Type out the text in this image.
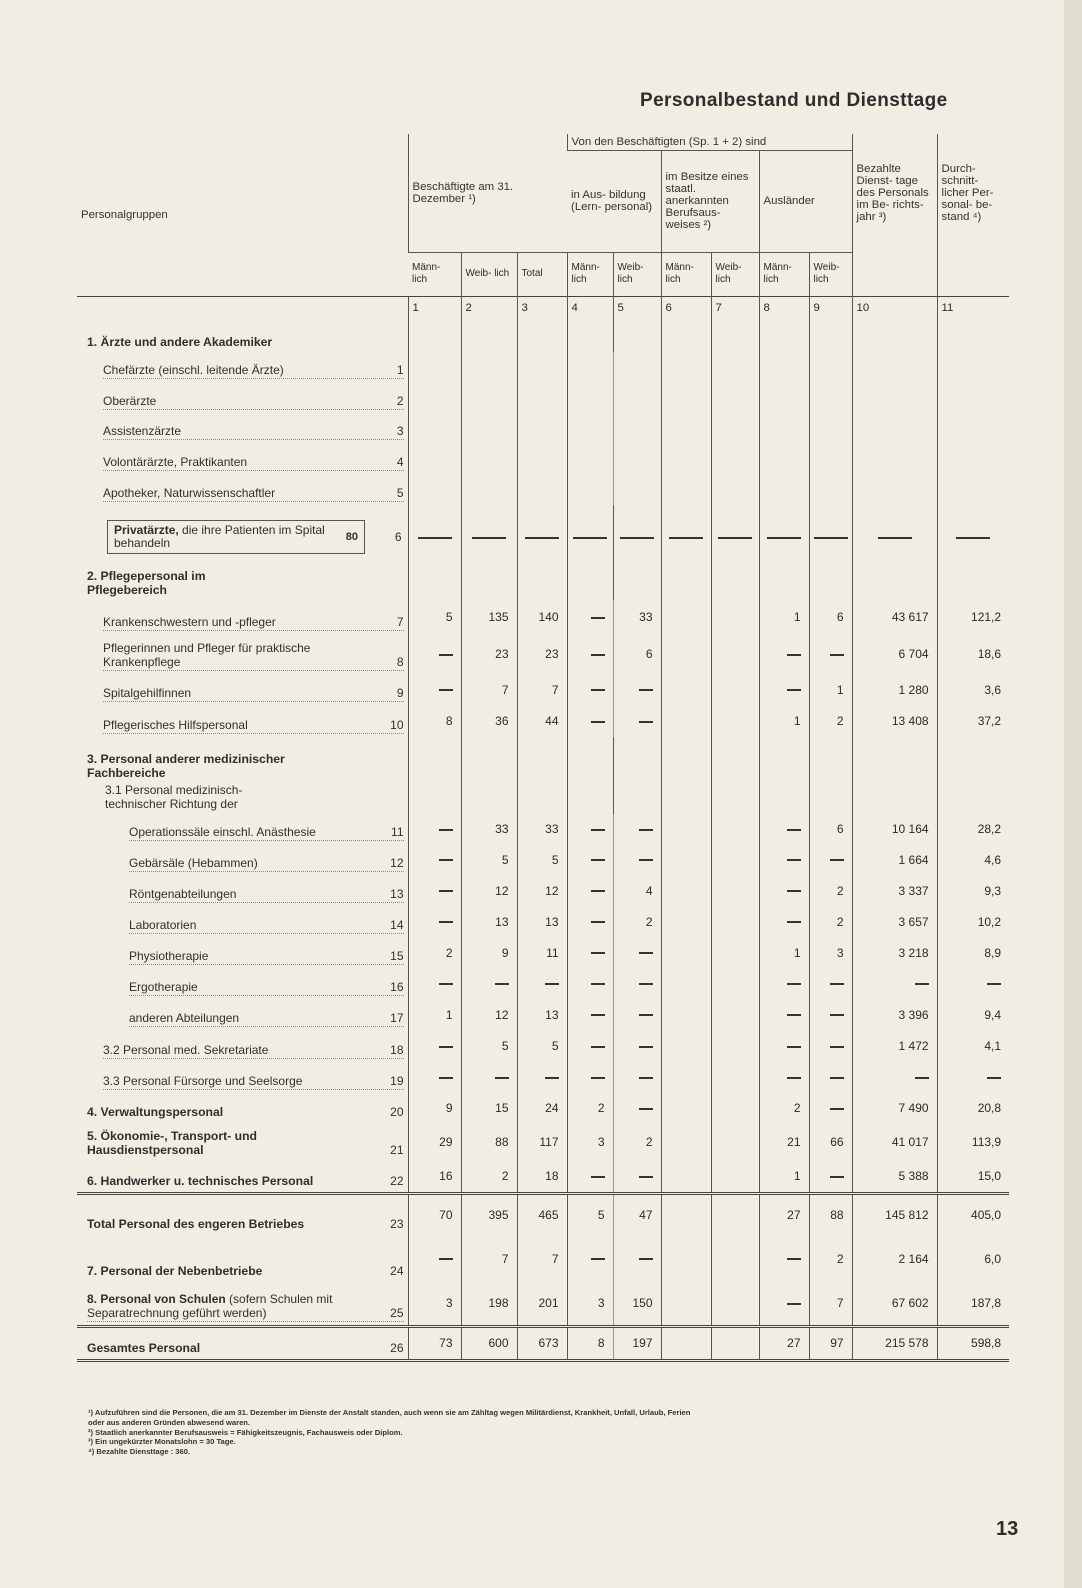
Personalbestand und Diensttage
Personalgruppen	Beschäftigte am 31. Dezember ¹)			Von den Beschäftigten (Sp. 1 + 2) sind						Bezahlte Dienst- tage des Personals im Be- richts- jahr ³)	Durch- schnitt- licher Per- sonal- be- stand ⁴)
				in Aus- bildung (Lern- personal)		im Besitze eines staatl. anerkannten Berufsaus- weises ²)		Ausländer			
	Männ- lich	Weib- lich	Total	Männ- lich	Weib- lich	Männ- lich	Weib- lich	Männ- lich	Weib- lich		
	1	2	3	4	5	6	7	8	9	10	11
1. Ärzte und andere Akademiker											

Chefärzte (einschl. leitende Ärzte) 1											

Oberärzte 2											

Assistenzärzte 3											

Volontärärzte, Praktikanten 4											

Apotheker, Naturwissenschaftler 5											

Privatärzte, die ihre Patienten im Spital behandeln 80 6											

2. Pflegepersonal im Pflegebereich											

Krankenschwestern und -pfleger 7	5	135	140		33			1	6	43 617	121,2

Pflegerinnen und Pfleger für praktische Krankenpflege 8		23	23		6					6 704	18,6

Spitalgehilfinnen 9		7	7						1	1 280	3,6

Pflegerisches Hilfspersonal 10	8	36	44					1	2	13 408	37,2
3. Personal anderer medizinischer Fachbereiche											
3.1 Personal medizinisch-technischer Richtung der											

Operationssäle einschl. Anästhesie 11		33	33						6	10 164	28,2

Gebärsäle (Hebammen) 12		5	5							1 664	4,6

Röntgenabteilungen 13		12	12		4				2	3 337	9,3

Laboratorien 14		13	13		2				2	3 657	10,2

Physiotherapie 15	2	9	11					1	3	3 218	8,9

Ergotherapie 16											

anderen Abteilungen 17	1	12	13							3 396	9,4

3.2 Personal med. Sekretariate 18		5	5							1 472	4,1

3.3 Personal Fürsorge und Seelsorge 19											

4. Verwaltungspersonal 20	9	15	24	2				2		7 490	20,8

5. Ökonomie-, Transport- und Hausdienstpersonal 21	29	88	117	3	2			21	66	41 017	113,9

6. Handwerker u. technisches Personal 22	16	2	18					1		5 388	15,0

Total Personal des engeren Betriebes 23	70	395	465	5	47			27	88	145 812	405,0

7. Personal der Nebenbetriebe 24		7	7						2	2 164	6,0

8. Personal von Schulen (sofern Schulen mit Separatrechnung geführt werden) 25	3	198	201	3	150				7	67 602	187,8

Gesamtes Personal 26	73	600	673	8	197			27	97	215 578	598,8
¹) Aufzuführen sind die Personen, die am 31. Dezember im Dienste der Anstalt standen, auch wenn sie am Zähltag wegen Militärdienst, Krankheit, Unfall, Urlaub, Ferien
oder aus anderen Gründen abwesend waren.
²) Staatlich anerkannter Berufsausweis = Fähigkeitszeugnis, Fachausweis oder Diplom.
³) Ein ungekürzter Monatslohn = 30 Tage.
⁴) Bezahlte Diensttage : 360.
13
